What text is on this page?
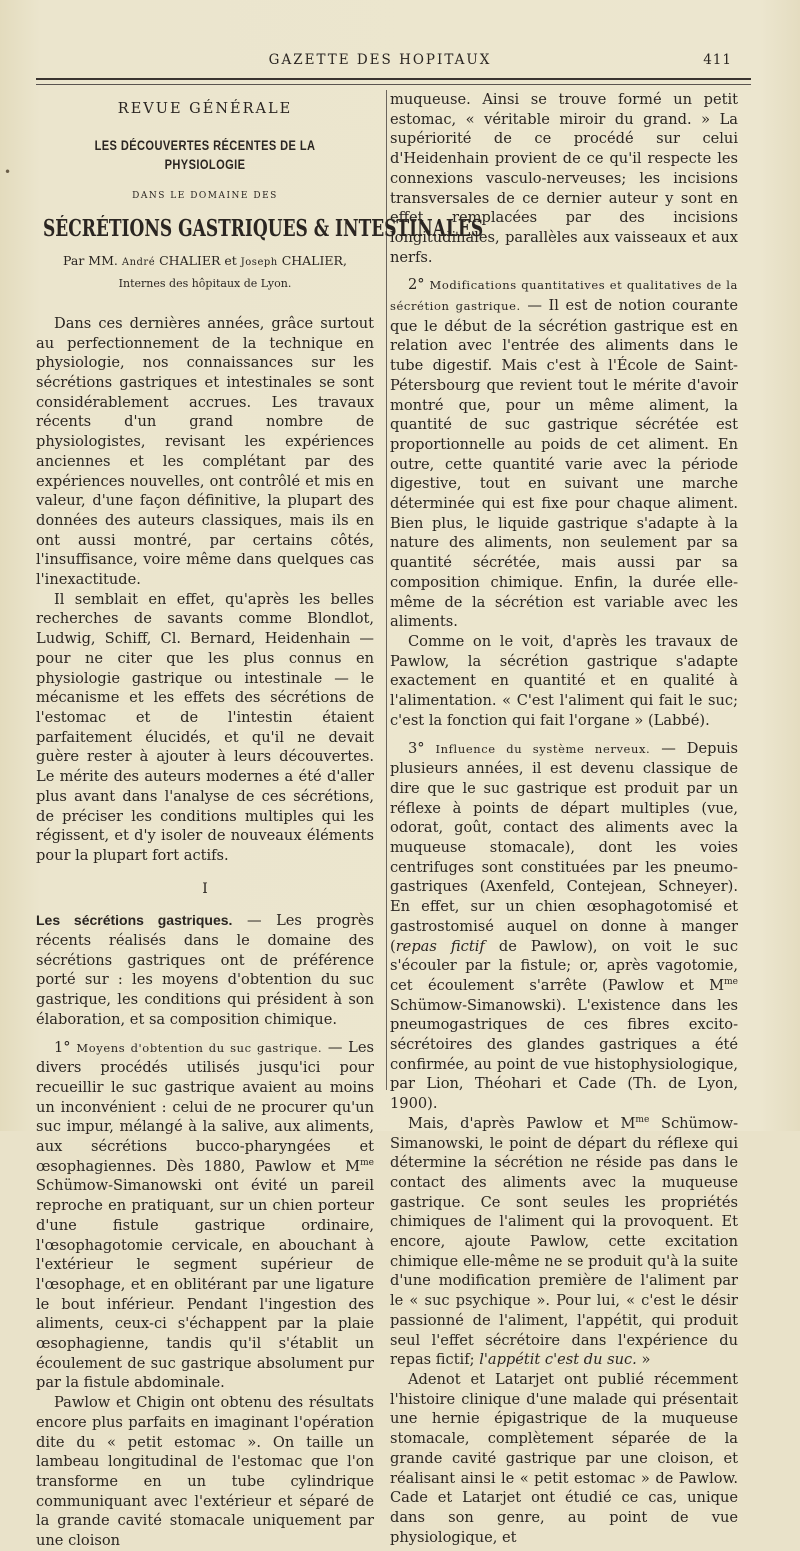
GAZETTE DES HOPITAUX	411
•
REVUE GÉNÉRALE
LES DÉCOUVERTES RÉCENTES DE LA PHYSIOLOGIE
DANS LE DOMAINE DES
SÉCRÉTIONS GASTRIQUES & INTESTINALES
Par MM. André CHALIER et Joseph CHALIER,
Internes des hôpitaux de Lyon.

Dans ces dernières années, grâce surtout au perfectionnement de la technique en physiologie, nos connaissances sur les sécrétions gastriques et intestinales se sont considérablement accrues. Les travaux récents d'un grand nombre de physiologistes, revisant les expériences anciennes et les complétant par des expériences nouvelles, ont contrôlé et mis en valeur, d'une façon définitive, la plupart des données des auteurs classiques, mais ils en ont aussi montré, par certains côtés, l'insuffisance, voire même dans quelques cas l'inexactitude.

Il semblait en effet, qu'après les belles recherches de savants comme Blondlot, Ludwig, Schiff, Cl. Bernard, Heidenhain — pour ne citer que les plus connus en physiologie gastrique ou intestinale — le mécanisme et les effets des sécrétions de l'estomac et de l'intestin étaient parfaitement élucidés, et qu'il ne devait guère rester à ajouter à leurs découvertes. Le mérite des auteurs modernes a été d'aller plus avant dans l'analyse de ces sécrétions, de préciser les conditions multiples qui les régissent, et d'y isoler de nouveaux éléments pour la plupart fort actifs.

I

Les sécrétions gastriques. — Les progrès récents réalisés dans le domaine des sécrétions gastriques ont de préférence porté sur : les moyens d'obtention du suc gastrique, les conditions qui président à son élaboration, et sa composition chimique.

1° Moyens d'obtention du suc gastrique. — Les divers procédés utilisés jusqu'ici pour recueillir le suc gastrique avaient au moins un inconvénient : celui de ne procurer qu'un suc impur, mélangé à la salive, aux aliments, aux sécrétions bucco-pharyngées et œsophagiennes. Dès 1880, Pawlow et $M^{me}$ Schümow-Simanowski ont évité un pareil reproche en pratiquant, sur un chien porteur d'une fistule gastrique ordinaire, l'œsophagotomie cervicale, en abouchant à l'extérieur le segment supérieur de l'œsophage, et en oblitérant par une ligature le bout inférieur. Pendant l'ingestion des aliments, ceux-ci s'échappent par la plaie œsophagienne, tandis qu'il s'établit un écoulement de suc gastrique absolument pur par la fistule abdominale.

Pawlow et Chigin ont obtenu des résultats encore plus parfaits en imaginant l'opération dite du « petit estomac ». On taille un lambeau longitudinal de l'estomac que l'on transforme en un tube cylindrique communiquant avec l'extérieur et séparé de la grande cavité stomacale uniquement par une cloison

muqueuse. Ainsi se trouve formé un petit estomac, « véritable miroir du grand. » La supériorité de ce procédé sur celui d'Heidenhain provient de ce qu'il respecte les connexions vasculo-nerveuses; les incisions transversales de ce dernier auteur y sont en effet remplacées par des incisions longitudinales, parallèles aux vaisseaux et aux nerfs.

2° Modifications quantitatives et qualitatives de la sécrétion gastrique. — Il est de notion courante que le début de la sécrétion gastrique est en relation avec l'entrée des aliments dans le tube digestif. Mais c'est à l'École de Saint-Pétersbourg que revient tout le mérite d'avoir montré que, pour un même aliment, la quantité de suc gastrique sécrétée est proportionnelle au poids de cet aliment. En outre, cette quantité varie avec la période digestive, tout en suivant une marche déterminée qui est fixe pour chaque aliment. Bien plus, le liquide gastrique s'adapte à la nature des aliments, non seulement par sa quantité sécrétée, mais aussi par sa composition chimique. Enfin, la durée elle-même de la sécrétion est variable avec les aliments.

Comme on le voit, d'après les travaux de Pawlow, la sécrétion gastrique s'adapte exactement en quantité et en qualité à l'alimentation. « C'est l'aliment qui fait le suc; c'est la fonction qui fait l'organe » (Labbé).

3° Influence du système nerveux. — Depuis plusieurs années, il est devenu classique de dire que le suc gastrique est produit par un réflexe à points de départ multiples (vue, odorat, goût, contact des aliments avec la muqueuse stomacale), dont les voies centrifuges sont constituées par les pneumo-gastriques (Axenfeld, Contejean, Schneyer). En effet, sur un chien œsophagotomisé et gastrostomisé auquel on donne à manger (repas fictif de Pawlow), on voit le suc s'écouler par la fistule; or, après vagotomie, cet écoulement s'arrête (Pawlow et $M^{me}$ Schümow-Simanowski). L'existence dans les pneumogastriques de ces fibres excito-sécrétoires des glandes gastriques a été confirmée, au point de vue histophysiologique, par Lion, Théohari et Cade (Th. de Lyon, 1900).

Mais, d'après Pawlow et $M^{me}$ Schümow-Simanowski, le point de départ du réflexe qui détermine la sécrétion ne réside pas dans le contact des aliments avec la muqueuse gastrique. Ce sont seules les propriétés chimiques de l'aliment qui la provoquent. Et encore, ajoute Pawlow, cette excitation chimique elle-même ne se produit qu'à la suite d'une modification première de l'aliment par le « suc psychique ». Pour lui, « c'est le désir passionné de l'aliment, l'appétit, qui produit seul l'effet sécrétoire dans l'expérience du repas fictif; l'appétit c'est du suc. »

Adenot et Latarjet ont publié récemment l'histoire clinique d'une malade qui présentait une hernie épigastrique de la muqueuse stomacale, complètement séparée de la grande cavité gastrique par une cloison, et réalisant ainsi le « petit estomac » de Pawlow. Cade et Latarjet ont étudié ce cas, unique dans son genre, au point de vue physiologique, et
